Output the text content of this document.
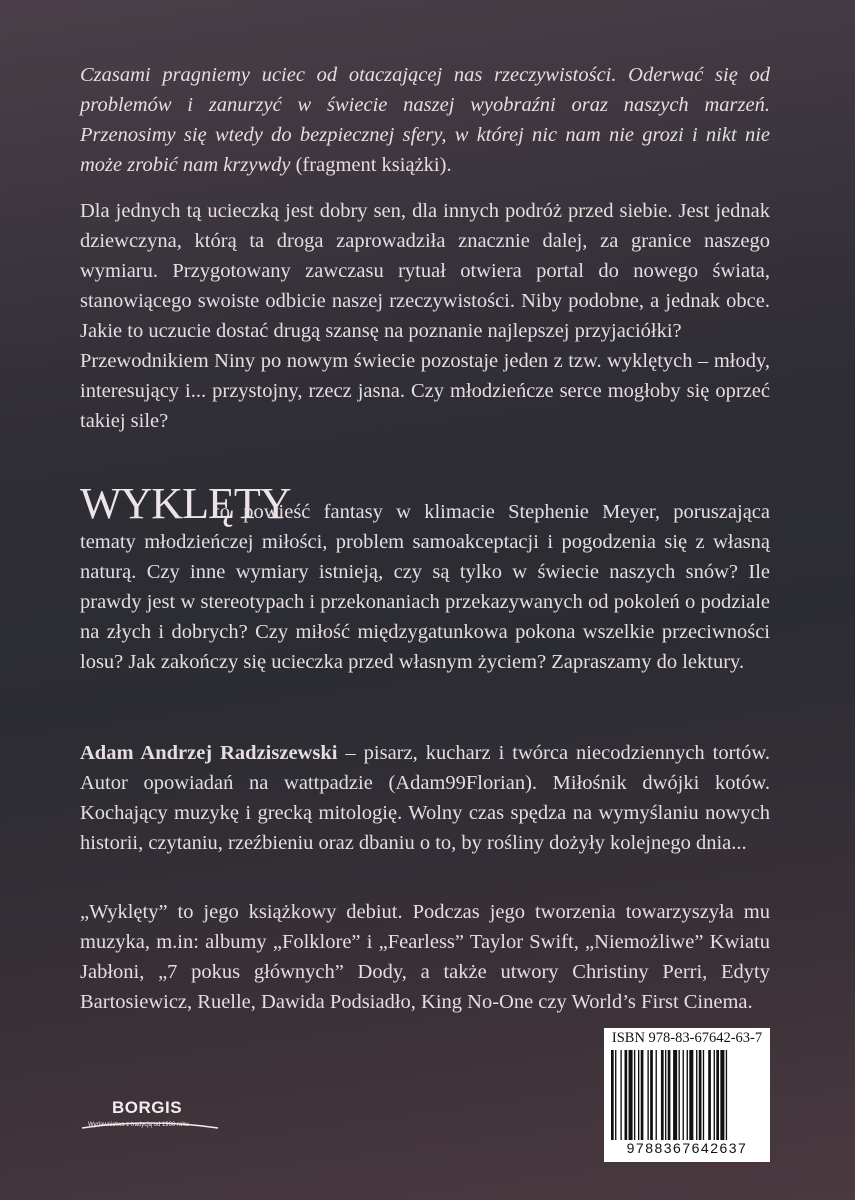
Czasami pragniemy uciec od otaczającej nas rzeczywistości. Oderwać się od problemów i zanurzyć w świecie naszej wyobraźni oraz naszych marzeń. Przenosimy się wtedy do bezpiecznej sfery, w której nic nam nie grozi i nikt nie może zrobić nam krzywdy (fragment książki).

Dla jednych tą ucieczką jest dobry sen, dla innych podróż przed siebie. Jest jednak dziewczyna, którą ta droga zaprowadziła znacznie dalej, za granice naszego wymiaru. Przygotowany zawczasu rytuał otwiera portal do nowego świata, stanowiącego swoiste odbicie naszej rzeczywistości. Niby podobne, a jednak obce. Jakie to uczucie dostać drugą szansę na poznanie najlepszej przyjaciółki?

Przewodnikiem Niny po nowym świecie pozostaje jeden z tzw. wyklętych – młody, interesujący i... przystojny, rzecz jasna. Czy młodzieńcze serce mogłoby się oprzeć takiej sile?

WYKLĘTY

to powieść fantasy w klimacie Stephenie Meyer, poruszająca tematy młodzieńczej miłości, problem samoakceptacji i pogodzenia się z własną naturą. Czy inne wymiary istnieją, czy są tylko w świecie naszych snów? Ile prawdy jest w stereotypach i przekonaniach przekazywanych od pokoleń o podziale na złych i dobrych? Czy miłość międzygatunkowa pokona wszelkie przeciwności losu? Jak zakończy się ucieczka przed własnym życiem? Zapraszamy do lektury.

Adam Andrzej Radziszewski – pisarz, kucharz i twórca niecodziennych tortów. Autor opowiadań na wattpadzie (Adam99Florian). Miłośnik dwójki kotów. Kochający muzykę i grecką mitologię. Wolny czas spędza na wymyślaniu nowych historii, czytaniu, rzeźbieniu oraz dbaniu o to, by rośliny dożyły kolejnego dnia...

„Wyklęty” to jego książkowy debiut. Podczas jego tworzenia towarzyszyła mu muzyka, m.in: albumy „Folklore” i „Fearless” Taylor Swift, „Niemożliwe” Kwiatu Jabłoni, „7 pokus głównych” Dody, a także utwory Christiny Perri, Edyty Bartosiewicz, Ruelle, Dawida Podsiadło, King No-One czy World’s First Cinema.

BORGIS
Wydawnictwo z tradycją od 1990 roku
ISBN 978-83-67642-63-7
9788367642637
